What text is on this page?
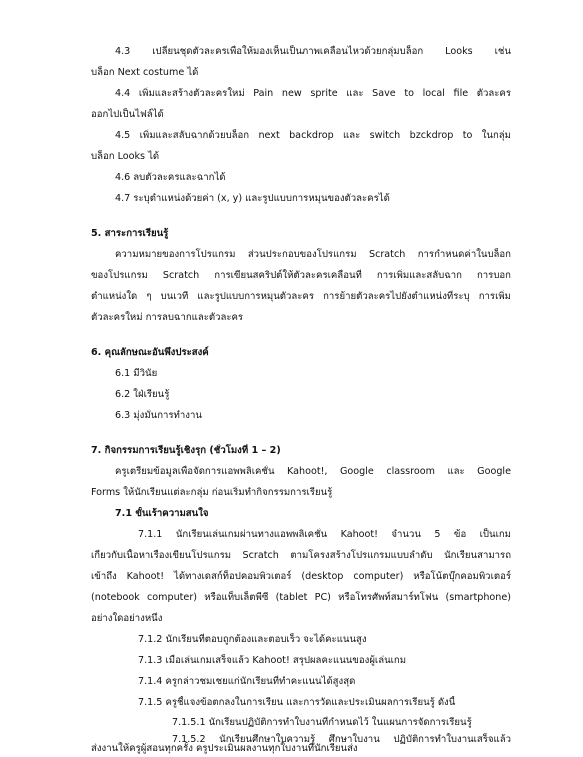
4.3 เปลี่ยนชุดตัวละครเพื่อให้มองเห็นเป็นภาพเคลื่อนไหวด้วยกลุ่มบล็อก Looks เช่น
บล็อก Next costume ได้
4.4 เพิ่มและสร้างตัวละครใหม่ Pain new sprite และ Save to local file ตัวละคร
ออกไปเป็นไฟล์ได้
4.5 เพิ่มและสลับฉากด้วยบล็อก next backdrop และ switch bzckdrop to ในกลุ่ม
บล็อก Looks ได้
4.6 ลบตัวละครและฉากได้
4.7 ระบุตำแหน่งด้วยค่า (x, y) และรูปแบบการหมุนของตัวละครได้
5. สาระการเรียนรู้
ความหมายของการโปรแกรม ส่วนประกอบของโปรแกรม Scratch การกำหนดค่าในบล็อก
ของโปรแกรม Scratch การเขียนสคริปต์ให้ตัวละครเคลื่อนที่ การเพิ่มและสลับฉาก การบอก
ตำแหน่งใด ๆ บนเวที และรูปแบบการหมุนตัวละคร การย้ายตัวละครไปยังตำแหน่งที่ระบุ การเพิ่ม
ตัวละครใหม่ การลบฉากและตัวละคร
6. คุณลักษณะอันพึงประสงค์
6.1 มีวินัย
6.2 ใฝ่เรียนรู้
6.3 มุ่งมั่นการทำงาน
7. กิจกรรมการเรียนรู้เชิงรุก (ชั่วโมงที่ 1 – 2)
ครูเตรียมข้อมูลเพื่อจัดการแอพพลิเคชั่น Kahoot!, Google classroom และ Google
Forms ให้นักเรียนแต่ละกลุ่ม ก่อนเริ่มทำกิจกรรมการเรียนรู้
7.1 ขั้นเร้าความสนใจ
7.1.1 นักเรียนเล่นเกมผ่านทางแอพพลิเคชั่น Kahoot! จำนวน 5 ข้อ เป็นเกม
เกี่ยวกับเนื้อหาเรื่องเขียนโปรแกรม Scratch ตามโครงสร้างโปรแกรมแบบลำดับ นักเรียนสามารถ
เข้าถึง Kahoot! ได้ทางเดสก์ท็อปคอมพิวเตอร์ (desktop computer) หรือโน้ตบุ๊กคอมพิวเตอร์
(notebook computer) หรือแท็บเล็ตพีซี (tablet PC) หรือโทรศัพท์สมาร์ทโฟน (smartphone)
อย่างใดอย่างหนึ่ง
7.1.2 นักเรียนที่ตอบถูกต้องและตอบเร็ว จะได้คะแนนสูง
7.1.3 เมื่อเล่นเกมเสร็จแล้ว Kahoot! สรุปผลคะแนนของผู้เล่นเกม
7.1.4 ครูกล่าวชมเชยแก่นักเรียนที่ทำคะแนนได้สูงสุด
7.1.5 ครูชี้แจงข้อตกลงในการเรียน และการวัดและประเมินผลการเรียนรู้ ดังนี้
7.1.5.1 นักเรียนปฏิบัติการทำใบงานที่กำหนดไว้ ในแผนการจัดการเรียนรู้
7.1.5.2 นักเรียนศึกษาใบความรู้ ศึกษาใบงาน ปฏิบัติการทำใบงานเสร็จแล้ว
ส่งงานให้ครูผู้สอนทุกครั้ง ครูประเมินผลงานทุกใบงานที่นักเรียนส่ง
